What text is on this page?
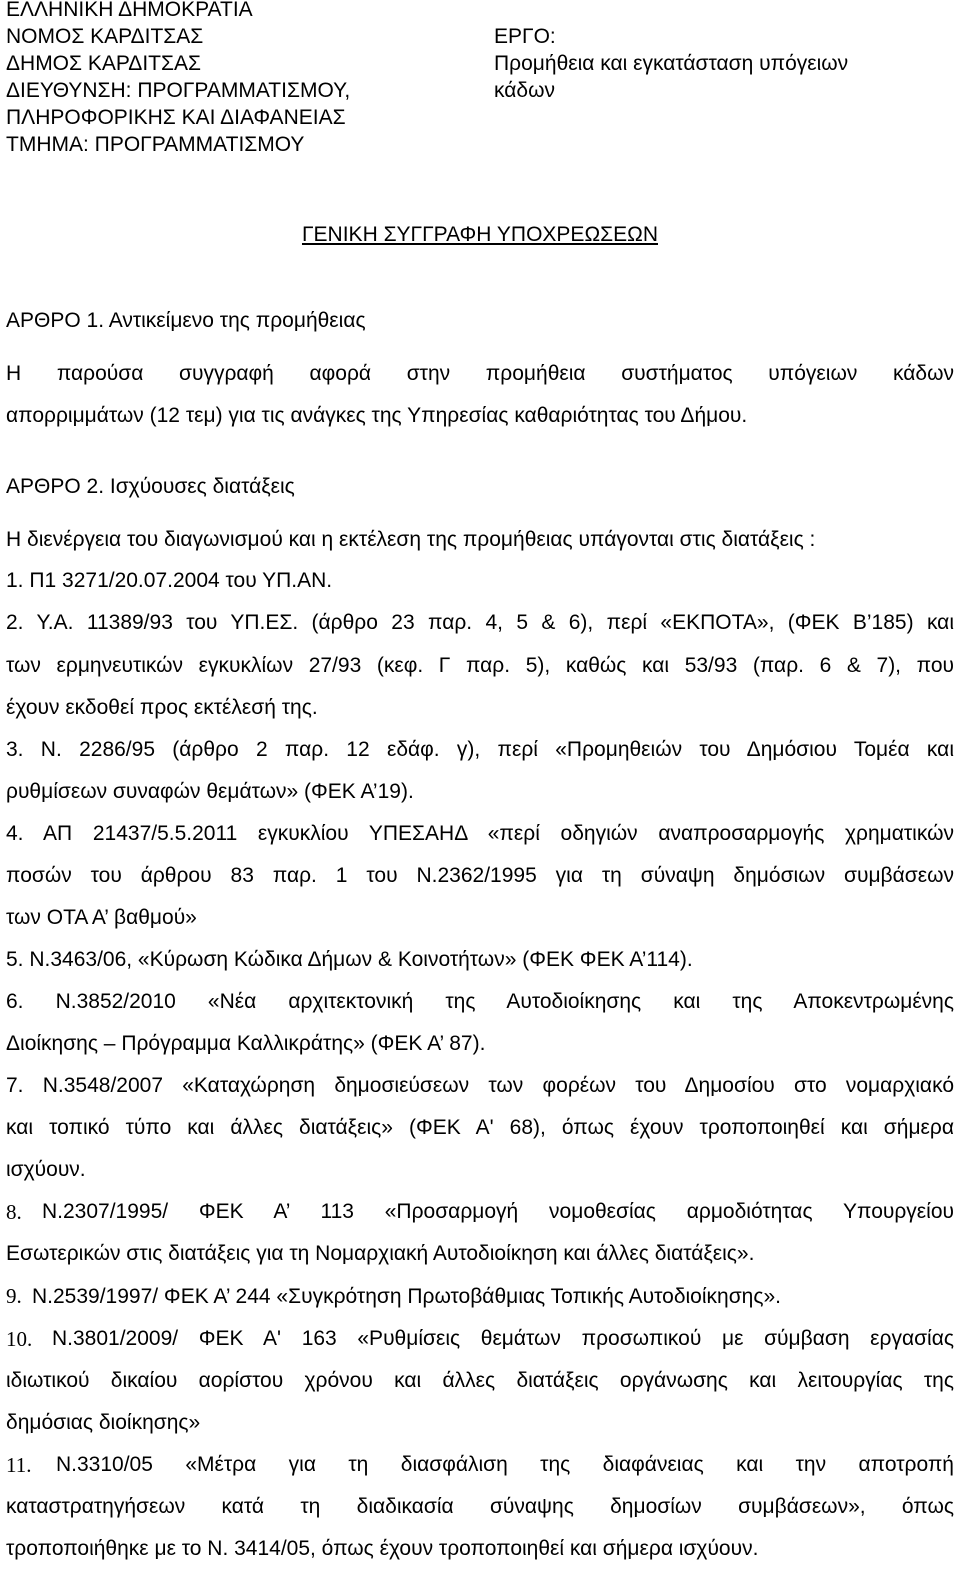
ΕΛΛΗΝΙΚΗ ΔΗΜΟΚΡΑΤΙΑ
ΝΟΜΟΣ ΚΑΡΔΙΤΣΑΣ
ΔΗΜΟΣ ΚΑΡΔΙΤΣΑΣ
ΔΙΕΥΘΥΝΣΗ: ΠΡΟΓΡΑΜΜΑΤΙΣΜΟΥ,
ΠΛΗΡΟΦΟΡΙΚΗΣ ΚΑΙ ΔΙΑΦΑΝΕΙΑΣ
ΤΜΗΜΑ: ΠΡΟΓΡΑΜΜΑΤΙΣΜΟΥ
ΕΡΓΟ:
Προμήθεια και εγκατάσταση υπόγειων
κάδων
ΓΕΝΙΚΗ ΣΥΓΓΡΑΦΗ ΥΠΟΧΡΕΩΣΕΩΝ
ΑΡΘΡΟ 1. Αντικείμενο της προμήθειας
Η παρούσα συγγραφή αφορά στην προμήθεια συστήματος υπόγειων κάδων
απορριμμάτων (12 τεμ) για τις ανάγκες της Υπηρεσίας καθαριότητας του Δήμου.
ΑΡΘΡΟ 2. Ισχύουσες διατάξεις
Η διενέργεια του διαγωνισμού και η εκτέλεση της προμήθειας υπάγονται στις διατάξεις :
1. Π1 3271/20.07.2004 του ΥΠ.ΑΝ.
2. Υ.Α. 11389/93 του ΥΠ.ΕΣ. (άρθρο 23 παρ. 4, 5 & 6), περί «ΕΚΠΟΤΑ», (ΦΕΚ Β’185) και
των ερμηνευτικών εγκυκλίων 27/93 (κεφ. Γ παρ. 5), καθώς και 53/93 (παρ. 6 & 7), που
έχουν εκδοθεί προς εκτέλεσή της.
3. Ν. 2286/95 (άρθρο 2 παρ. 12 εδάφ. γ), περί «Προμηθειών του Δημόσιου Τομέα και
ρυθμίσεων συναφών θεμάτων» (ΦΕΚ Α’19).
4. ΑΠ 21437/5.5.2011 εγκυκλίου ΥΠΕΣΑΗΔ «περί οδηγιών αναπροσαρμογής χρηματικών
ποσών του άρθρου 83 παρ. 1 του Ν.2362/1995 για τη σύναψη δημόσιων συμβάσεων
των ΟΤΑ Α’ βαθμού»
5. Ν.3463/06, «Κύρωση Κώδικα Δήμων & Κοινοτήτων» (ΦΕΚ ΦΕΚ Α’114).
6. Ν.3852/2010 «Νέα αρχιτεκτονική της Αυτοδιοίκησης και της Αποκεντρωμένης
Διοίκησης – Πρόγραμμα Καλλικράτης» (ΦΕΚ Α’ 87).
7. Ν.3548/2007 «Καταχώρηση δημοσιεύσεων των φορέων του Δημοσίου στο νομαρχιακό
και τοπικό τύπο και άλλες διατάξεις» (ΦΕΚ Α' 68), όπως έχουν τροποποιηθεί και σήμερα
ισχύουν.
8. Ν.2307/1995/ ΦΕΚ Α’ 113 «Προσαρμογή νομοθεσίας αρμοδιότητας Υπουργείου
Εσωτερικών στις διατάξεις για τη Νομαρχιακή Αυτοδιοίκηση και άλλες διατάξεις».
9. Ν.2539/1997/ ΦΕΚ Α’ 244 «Συγκρότηση Πρωτοβάθμιας Τοπικής Αυτοδιοίκησης».
10. Ν.3801/2009/ ΦΕΚ Α' 163 «Ρυθμίσεις θεμάτων προσωπικού με σύμβαση εργασίας
ιδιωτικού δικαίου αορίστου χρόνου και άλλες διατάξεις οργάνωσης και λειτουργίας της
δημόσιας διοίκησης»
11.	Ν.3310/05 «Μέτρα για τη διασφάλιση της διαφάνειας και την αποτροπή
καταστρατηγήσεων κατά τη διαδικασία σύναψης δημοσίων συμβάσεων», όπως
τροποποιήθηκε με το Ν. 3414/05, όπως έχουν τροποποιηθεί και σήμερα ισχύουν.
